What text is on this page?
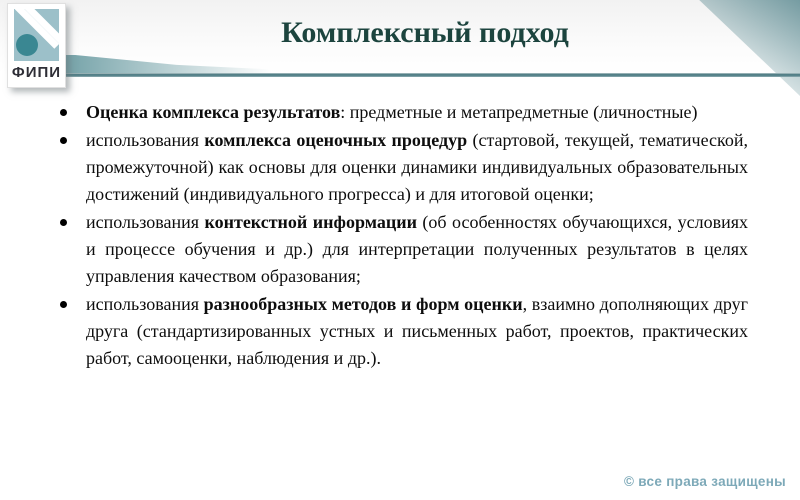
ФИПИ
Комплексный подход
Оценка комплекса результатов: предметные и метапредметные (личностные)
использования комплекса оценочных процедур (стартовой, текущей, тематической, промежуточной) как основы для оценки динамики индивидуальных образовательных достижений (индивидуального прогресса) и для итоговой оценки;
использования контекстной информации (об особенностях обучающихся, условиях и процессе обучения и др.) для интерпретации полученных результатов в целях управления качеством образования;
использования разнообразных методов и форм оценки, взаимно дополняющих друг друга (стандартизированных устных и письменных работ, проектов, практических работ, самооценки, наблюдения и др.).
© все права защищены
